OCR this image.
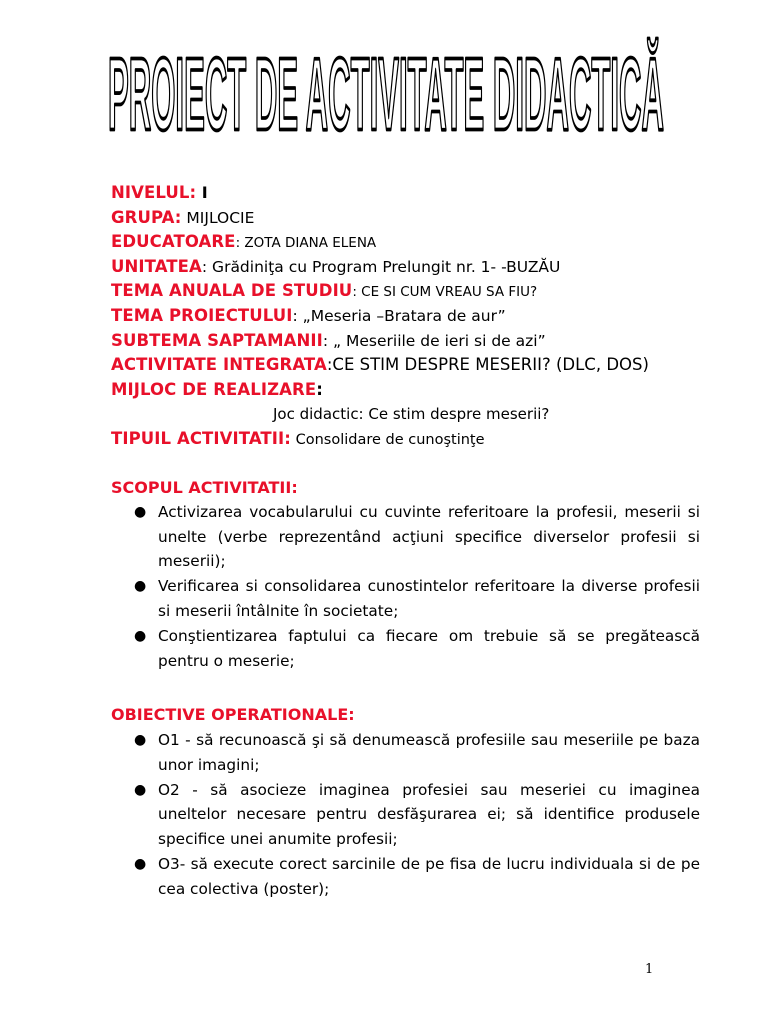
PROIECT DE ACTIVITATE DIDACTICĂ
NIVELUL: I
GRUPA: MIJLOCIE
EDUCATOARE: ZOTA DIANA ELENA
UNITATEA: Grădiniţa cu Program Prelungit nr. 1- -BUZĂU
TEMA ANUALA DE STUDIU: CE SI CUM VREAU SA FIU?
TEMA PROIECTULUI: „Meseria –Bratara de aur”
SUBTEMA SAPTAMANII: „ Meseriile de ieri si de azi”
ACTIVITATE INTEGRATA:CE STIM DESPRE MESERII? (DLC, DOS)
MIJLOC DE REALIZARE:
Joc didactic: Ce stim despre meserii?
TIPUIL ACTIVITATII: Consolidare de cunoştinţe
SCOPUL ACTIVITATII:
● Activizarea vocabularului cu cuvinte referitoare la profesii, meserii si unelte (verbe reprezentând acţiuni specifice diverselor profesii si meserii);
● Verificarea si consolidarea cunostintelor referitoare la diverse profesii si meserii întâlnite în societate;
● Conştientizarea faptului ca fiecare om trebuie să se pregătească pentru o meserie;
OBIECTIVE OPERATIONALE:
● O1 - să recunoască şi să denumească profesiile sau meseriile pe baza unor imagini;
● O2 - să asocieze imaginea profesiei sau meseriei cu imaginea uneltelor necesare pentru desfăşurarea ei; să identifice produsele specifice unei anumite profesii;
● O3- să execute corect sarcinile de pe fisa de lucru individuala si de pe cea colectiva (poster);
1
